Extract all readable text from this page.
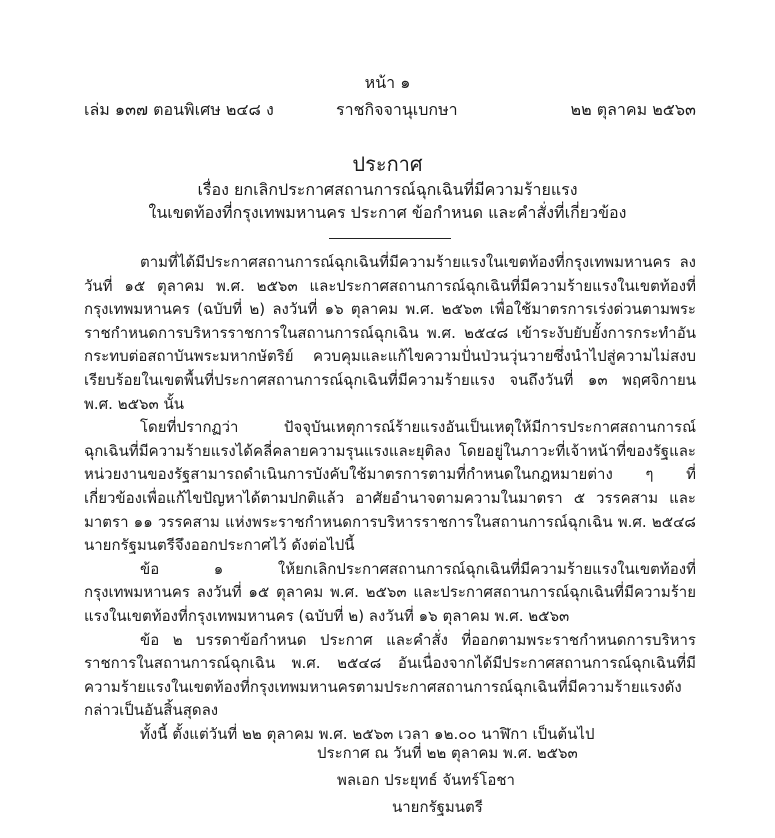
หน้า ๑
เล่ม ๑๓๗ ตอนพิเศษ ๒๔๘ ง	ราชกิจจานุเบกษา	๒๒ ตุลาคม ๒๕๖๓
ประกาศ
เรื่อง ยกเลิกประกาศสถานการณ์ฉุกเฉินที่มีความร้ายแรง
ในเขตท้องที่กรุงเทพมหานคร ประกาศ ข้อกำหนด และคำสั่งที่เกี่ยวข้อง

ตามที่ได้มีประกาศสถานการณ์ฉุกเฉินที่มีความร้ายแรงในเขตท้องที่กรุงเทพมหานคร ลงวันที่ ๑๕ ตุลาคม พ.ศ. ๒๕๖๓ และประกาศสถานการณ์ฉุกเฉินที่มีความร้ายแรงในเขตท้องที่กรุงเทพมหานคร (ฉบับที่ ๒) ลงวันที่ ๑๖ ตุลาคม พ.ศ. ๒๕๖๓ เพื่อใช้มาตรการเร่งด่วนตามพระราชกำหนดการบริหารราชการในสถานการณ์ฉุกเฉิน พ.ศ. ๒๕๔๘ เข้าระงับยับยั้งการกระทำอันกระทบต่อสถาบันพระมหากษัตริย์ ควบคุมและแก้ไขความปั่นป่วนวุ่นวายซึ่งนำไปสู่ความไม่สงบเรียบร้อยในเขตพื้นที่ประกาศสถานการณ์ฉุกเฉินที่มีความร้ายแรง จนถึงวันที่ ๑๓ พฤศจิกายน พ.ศ. ๒๕๖๓ นั้น

โดยที่ปรากฏว่า ปัจจุบันเหตุการณ์ร้ายแรงอันเป็นเหตุให้มีการประกาศสถานการณ์ฉุกเฉินที่มีความร้ายแรงได้คลี่คลายความรุนแรงและยุติลง โดยอยู่ในภาวะที่เจ้าหน้าที่ของรัฐและหน่วยงานของรัฐสามารถดำเนินการบังคับใช้มาตรการตามที่กำหนดในกฎหมายต่าง ๆ ที่เกี่ยวข้องเพื่อแก้ไขปัญหาได้ตามปกติแล้ว อาศัยอำนาจตามความในมาตรา ๕ วรรคสาม และมาตรา ๑๑ วรรคสาม แห่งพระราชกำหนดการบริหารราชการในสถานการณ์ฉุกเฉิน พ.ศ. ๒๕๔๘ นายกรัฐมนตรีจึงออกประกาศไว้ ดังต่อไปนี้

ข้อ ๑ ให้ยกเลิกประกาศสถานการณ์ฉุกเฉินที่มีความร้ายแรงในเขตท้องที่กรุงเทพมหานคร ลงวันที่ ๑๕ ตุลาคม พ.ศ. ๒๕๖๓ และประกาศสถานการณ์ฉุกเฉินที่มีความร้ายแรงในเขตท้องที่กรุงเทพมหานคร (ฉบับที่ ๒) ลงวันที่ ๑๖ ตุลาคม พ.ศ. ๒๕๖๓

ข้อ ๒ บรรดาข้อกำหนด ประกาศ และคำสั่ง ที่ออกตามพระราชกำหนดการบริหารราชการในสถานการณ์ฉุกเฉิน พ.ศ. ๒๕๔๘ อันเนื่องจากได้มีประกาศสถานการณ์ฉุกเฉินที่มีความร้ายแรงในเขตท้องที่กรุงเทพมหานครตามประกาศสถานการณ์ฉุกเฉินที่มีความร้ายแรงดังกล่าวเป็นอันสิ้นสุดลง

ทั้งนี้ ตั้งแต่วันที่ ๒๒ ตุลาคม พ.ศ. ๒๕๖๓ เวลา ๑๒.๐๐ นาฬิกา เป็นต้นไป

ประกาศ ณ วันที่ ๒๒ ตุลาคม พ.ศ. ๒๕๖๓
พลเอก ประยุทธ์ จันทร์โอชา
นายกรัฐมนตรี
